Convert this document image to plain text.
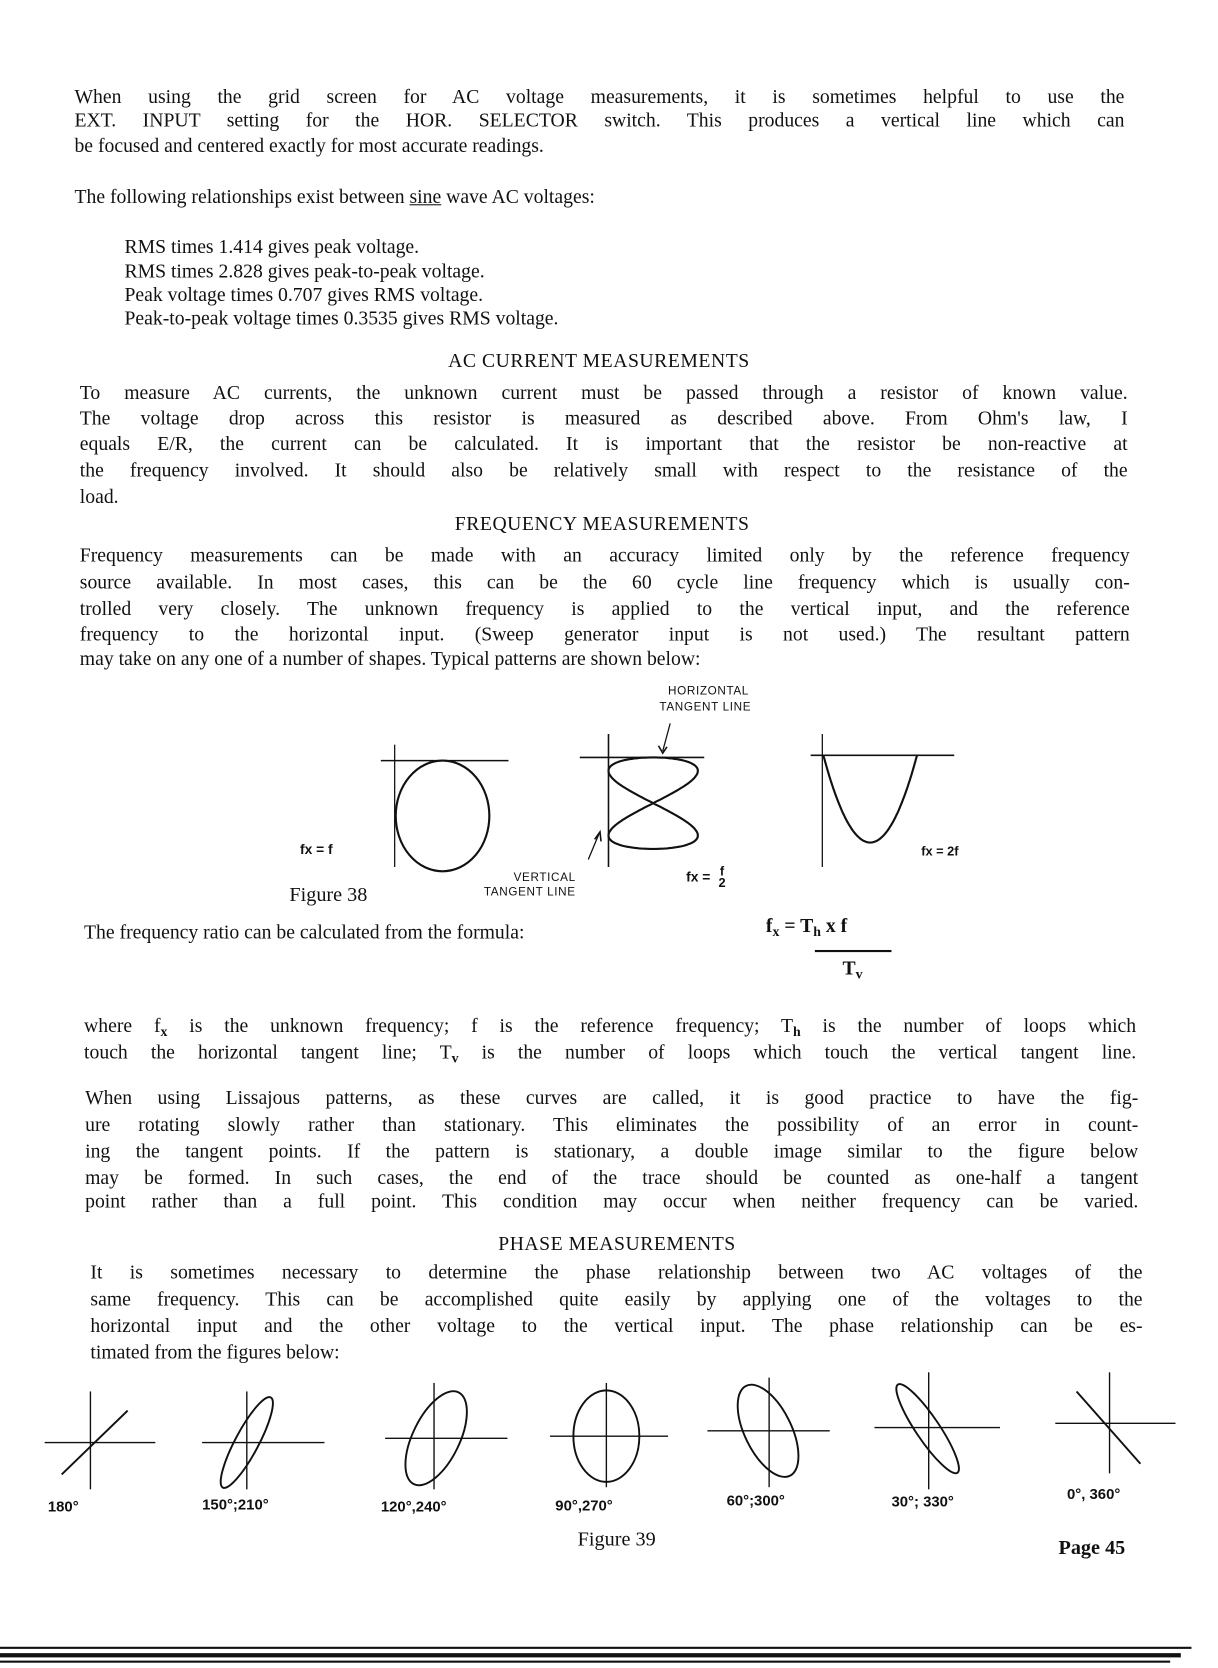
When using the grid screen for AC voltage measurements, it is sometimes helpful to use the
EXT. INPUT setting for the HOR. SELECTOR switch. This produces a vertical line which can
be focused and centered exactly for most accurate readings.
The following relationships exist between sine wave AC voltages:
RMS times 1.414 gives peak voltage.
RMS times 2.828 gives peak-to-peak voltage.
Peak voltage times 0.707 gives RMS voltage.
Peak-to-peak voltage times 0.3535 gives RMS voltage.
AC CURRENT MEASUREMENTS
To measure AC currents, the unknown current must be passed through a resistor of known value.
The voltage drop across this resistor is measured as described above. From Ohm's law, I
equals E/R, the current can be calculated. It is important that the resistor be non-reactive at
the frequency involved. It should also be relatively small with respect to the resistance of the
load.
FREQUENCY MEASUREMENTS
Frequency measurements can be made with an accuracy limited only by the reference frequency
source available. In most cases, this can be the 60 cycle line frequency which is usually con-
trolled very closely. The unknown frequency is applied to the vertical input, and the reference
frequency to the horizontal input. (Sweep generator input is not used.) The resultant pattern
may take on any one of a number of shapes. Typical patterns are shown below:
HORIZONTAL
TANGENT LINE
VERTICAL
TANGENT LINE
fx = f
fx = f
2
fx = 2f
Figure 38
The frequency ratio can be calculated from the formula:	$f_x = T_h$ x f
$T_v$
where $f_x$ is the unknown frequency; f is the reference frequency; $T_h$ is the number of loops which
touch the horizontal tangent line; $T_v$ is the number of loops which touch the vertical tangent line.
When using Lissajous patterns, as these curves are called, it is good practice to have the fig-
ure rotating slowly rather than stationary. This eliminates the possibility of an error in count-
ing the tangent points. If the pattern is stationary, a double image similar to the figure below
may be formed. In such cases, the end of the trace should be counted as one-half a tangent
point rather than a full point. This condition may occur when neither frequency can be varied.
PHASE MEASUREMENTS
It is sometimes necessary to determine the phase relationship between two AC voltages of the
same frequency. This can be accomplished quite easily by applying one of the voltages to the
horizontal input and the other voltage to the vertical input. The phase relationship can be es-
timated from the figures below:
180°	150°;210°	120°,240°	90°,270°	60°;300°	30°; 330°	0°, 360°
Figure 39	Page 45
